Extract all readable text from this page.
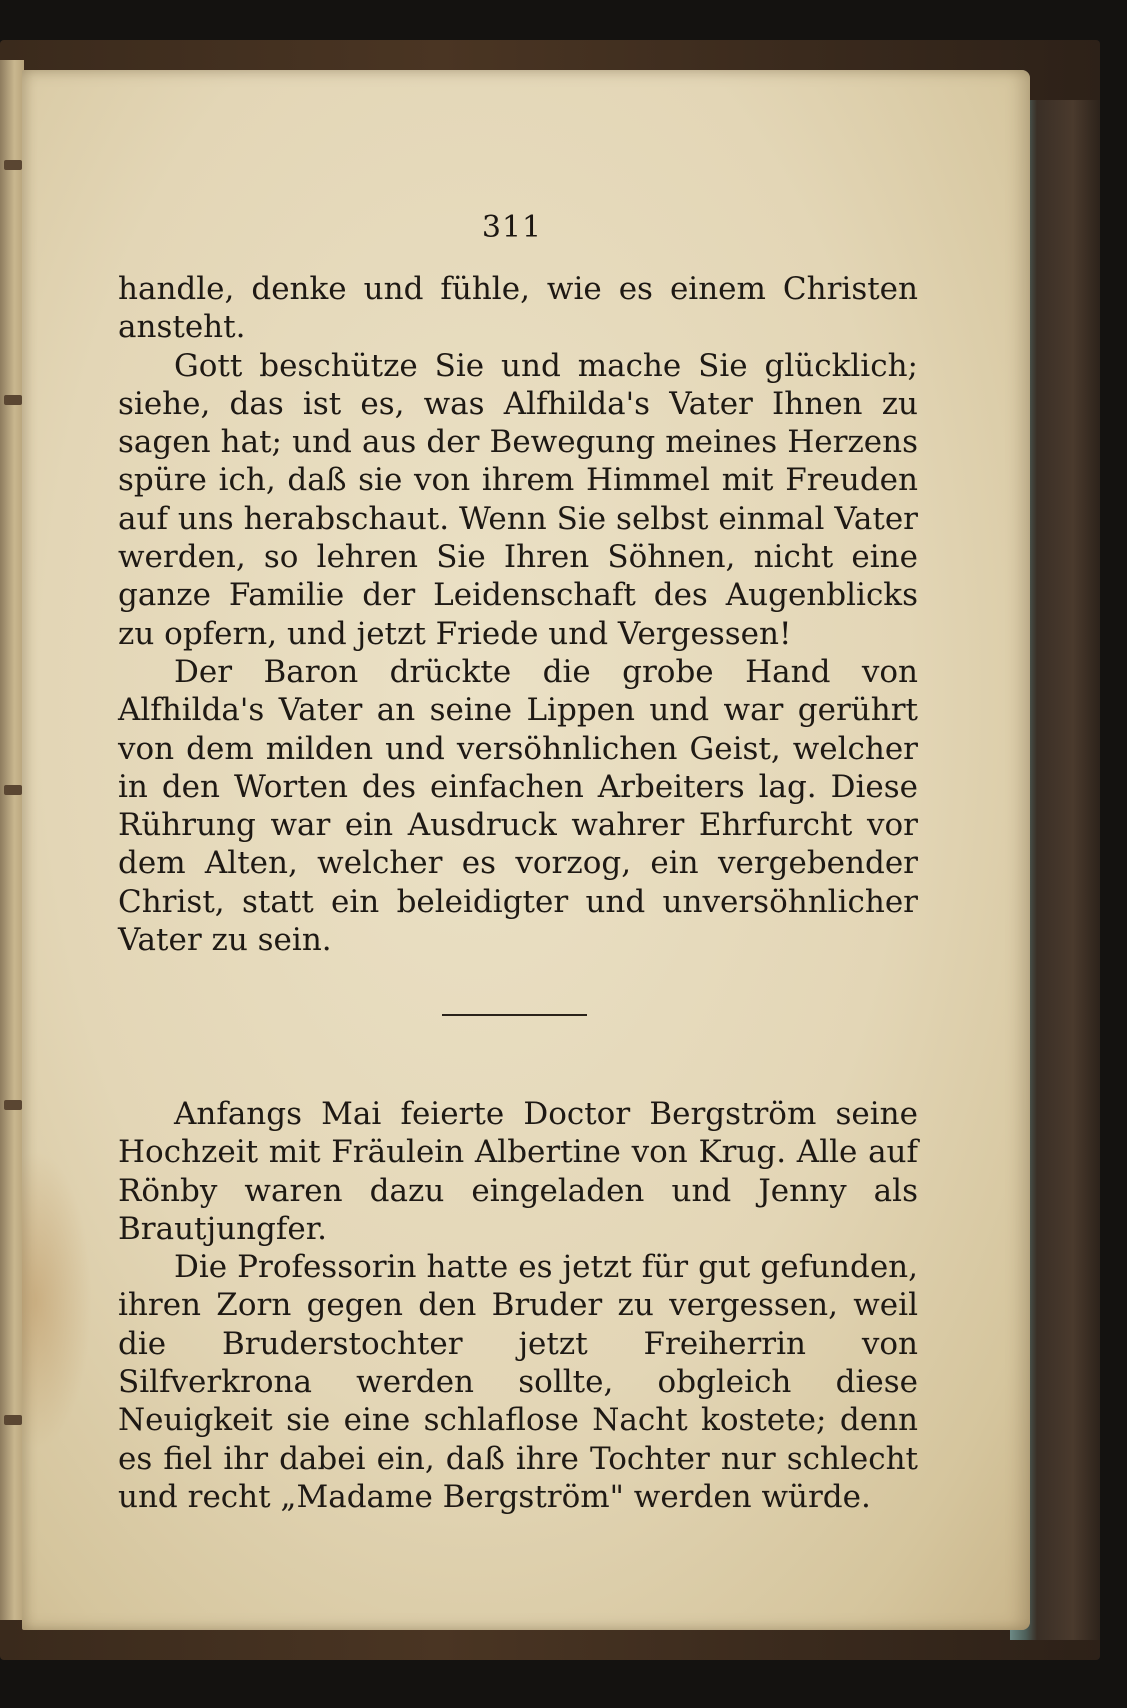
311

handle, denke und fühle, wie es einem Christen ansteht.

Gott beschütze Sie und mache Sie glücklich; siehe, das ist es, was Alfhilda's Vater Ihnen zu sagen hat; und aus der Bewegung meines Herzens spüre ich, daß sie von ihrem Himmel mit Freuden auf uns herabschaut. Wenn Sie selbst einmal Vater werden, so lehren Sie Ihren Söhnen, nicht eine ganze Familie der Leidenschaft des Augenblicks zu opfern, und jetzt Friede und Vergessen!

Der Baron drückte die grobe Hand von Alfhilda's Vater an seine Lippen und war gerührt von dem milden und versöhnlichen Geist, welcher in den Worten des einfachen Arbeiters lag. Diese Rührung war ein Ausdruck wahrer Ehrfurcht vor dem Alten, welcher es vorzog, ein vergebender Christ, statt ein beleidigter und unversöhnlicher Vater zu sein.

Anfangs Mai feierte Doctor Bergström seine Hochzeit mit Fräulein Albertine von Krug. Alle auf Rönby waren dazu eingeladen und Jenny als Brautjungfer.

Die Professorin hatte es jetzt für gut gefunden, ihren Zorn gegen den Bruder zu vergessen, weil die Bruderstochter jetzt Freiherrin von Silfverkrona werden sollte, obgleich diese Neuigkeit sie eine schlaflose Nacht kostete; denn es fiel ihr dabei ein, daß ihre Tochter nur schlecht und recht „Madame Bergström" werden würde.
